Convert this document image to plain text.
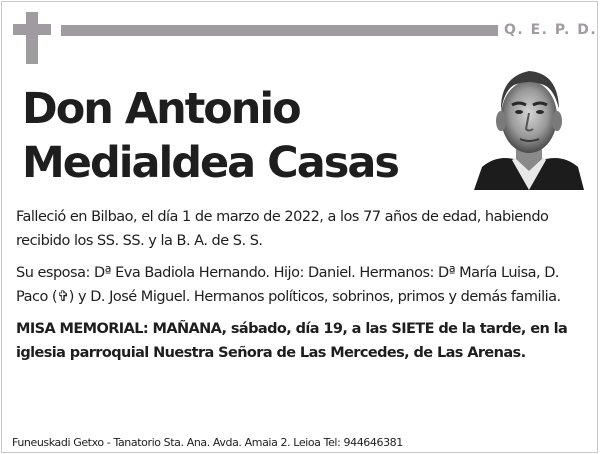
Q. E. P. D.
Don Antonio
Medialdea Casas

Falleció en Bilbao, el día 1 de marzo de 2022, a los 77 años de edad, habiendo recibido los SS. SS. y la B. A. de S. S.

Su esposa: Dª Eva Badiola Hernando. Hijo: Daniel. Hermanos: Dª María Luisa, D. Paco (✞) y D. José Miguel. Hermanos políticos, sobrinos, primos y demás familia.

MISA MEMORIAL: MAÑANA, sábado, día 19, a las SIETE de la tarde, en la iglesia parroquial Nuestra Señora de Las Mercedes, de Las Arenas.

Funeuskadi Getxo - Tanatorio Sta. Ana. Avda. Amaia 2. Leioa Tel: 944646381
